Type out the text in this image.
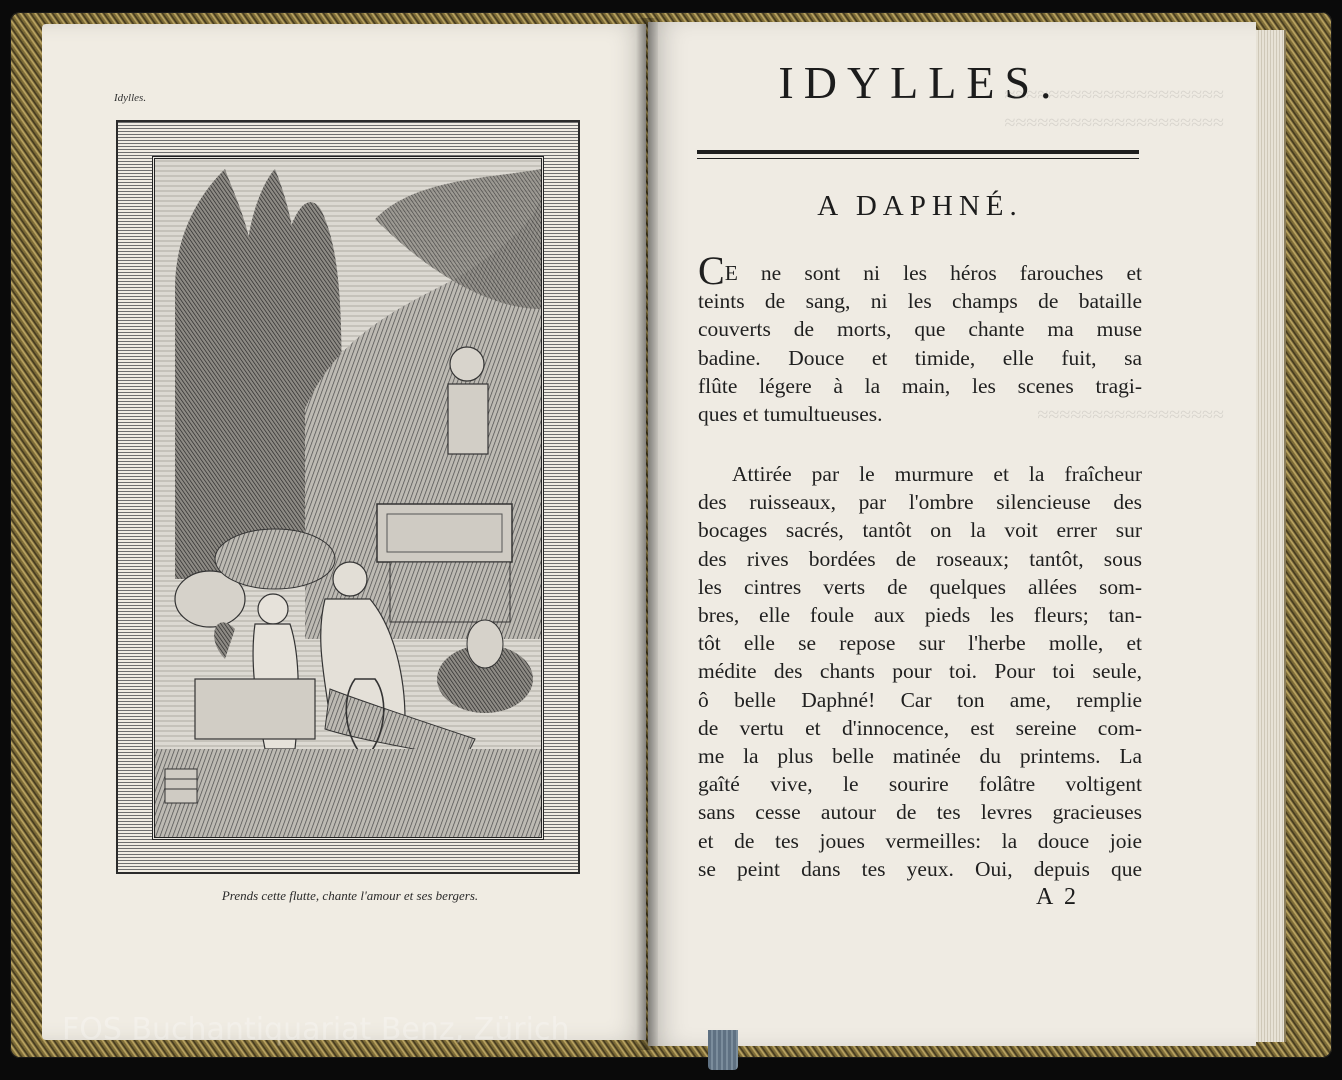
≈≈≈≈≈≈≈≈≈≈≈≈≈≈≈≈≈≈≈≈
≈≈≈≈≈≈≈≈≈≈≈≈≈≈≈≈≈≈≈≈
≈≈≈≈≈≈≈≈≈≈≈≈≈≈≈≈≈
Idylles.
Prends cette flutte, chante l'amour et ses bergers.
IDYLLES.
A DAPHNÉ.
CE ne sont ni les héros farouches et
teints de sang, ni les champs de bataille
couverts de morts, que chante ma muse
badine. Douce et timide, elle fuit, sa
flûte légere à la main, les scenes tragi-
ques et tumultueuses.
Attirée par le murmure et la fraîcheur
des ruisseaux, par l'ombre silencieuse des
bocages sacrés, tantôt on la voit errer sur
des rives bordées de roseaux; tantôt, sous
les cintres verts de quelques allées som-
bres, elle foule aux pieds les fleurs; tan-
tôt elle se repose sur l'herbe molle, et
médite des chants pour toi. Pour toi seule,
ô belle Daphné! Car ton ame, remplie
de vertu et d'innocence, est sereine com-
me la plus belle matinée du printems. La
gaîté vive, le sourire folâtre voltigent
sans cesse autour de tes levres gracieuses
et de tes joues vermeilles: la douce joie
se peint dans tes yeux. Oui, depuis que
A 2
FOS Buchantiquariat Benz, Zürich
